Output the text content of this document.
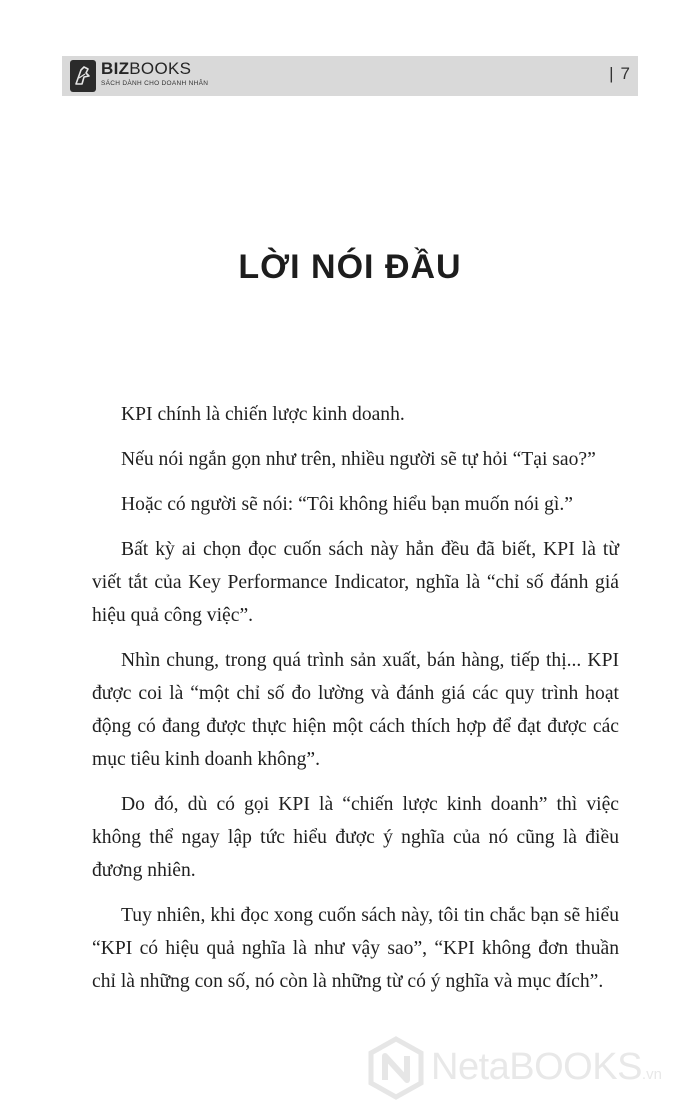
BIZBOOKS
SÁCH DÀNH CHO DOANH NHÂN
| 7
LỜI NÓI ĐẦU

KPI chính là chiến lược kinh doanh.

Nếu nói ngắn gọn như trên, nhiều người sẽ tự hỏi “Tại sao?”

Hoặc có người sẽ nói: “Tôi không hiểu bạn muốn nói gì.”

Bất kỳ ai chọn đọc cuốn sách này hẳn đều đã biết, KPI là từ viết tắt của Key Performance Indicator, nghĩa là “chỉ số đánh giá hiệu quả công việc”.

Nhìn chung, trong quá trình sản xuất, bán hàng, tiếp thị... KPI được coi là “một chỉ số đo lường và đánh giá các quy trình hoạt động có đang được thực hiện một cách thích hợp để đạt được các mục tiêu kinh doanh không”.

Do đó, dù có gọi KPI là “chiến lược kinh doanh” thì việc không thể ngay lập tức hiểu được ý nghĩa của nó cũng là điều đương nhiên.

Tuy nhiên, khi đọc xong cuốn sách này, tôi tin chắc bạn sẽ hiểu “KPI có hiệu quả nghĩa là như vậy sao”, “KPI không đơn thuần chỉ là những con số, nó còn là những từ có ý nghĩa và mục đích”.

NetaBOOKS.vn
